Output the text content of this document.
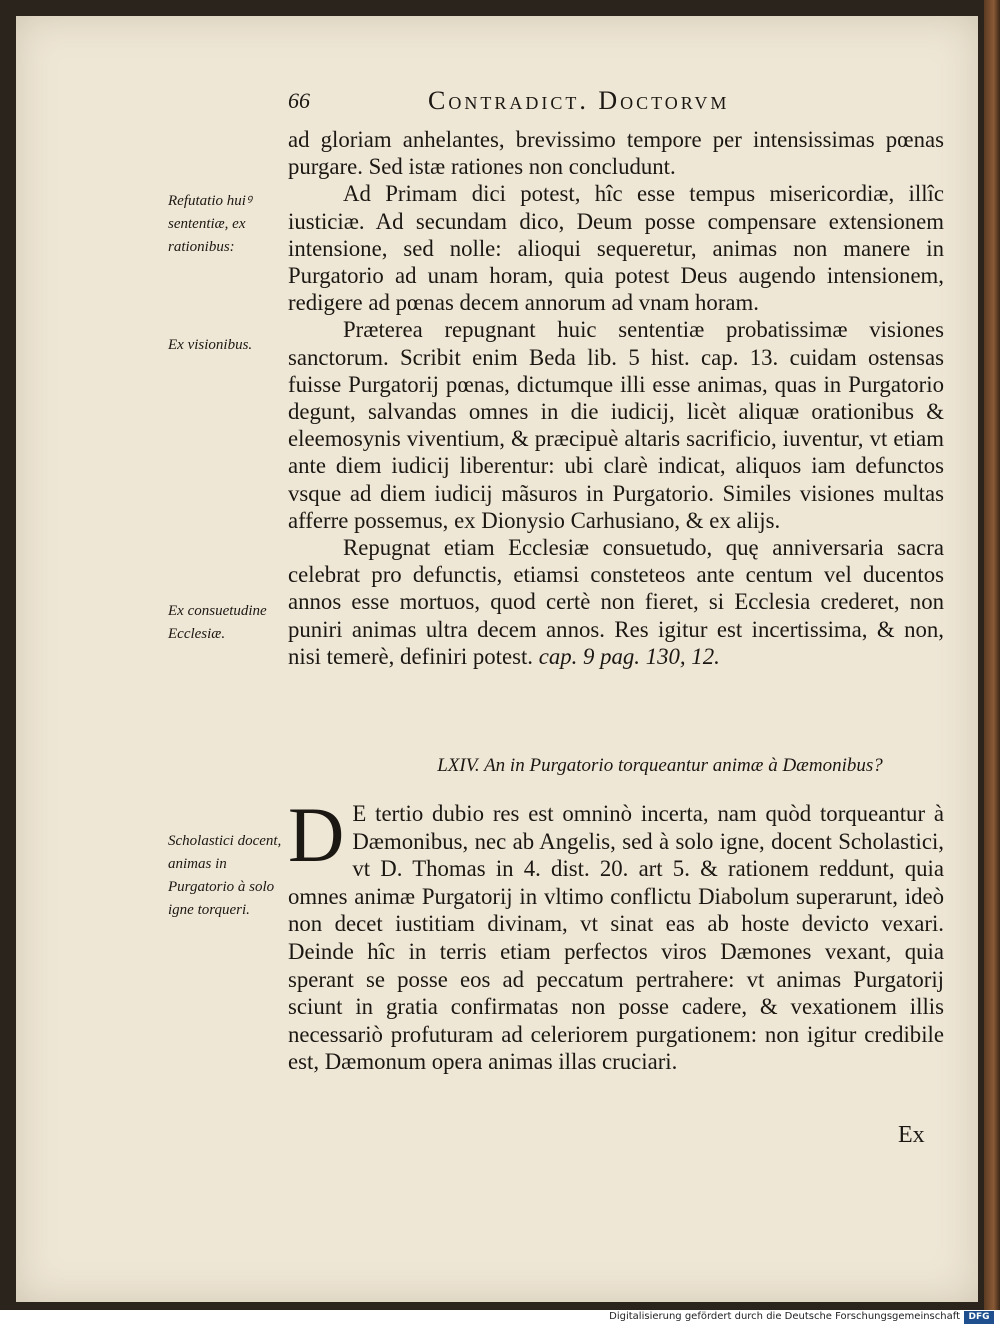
66	Contradict. Doctorvm

ad gloriam anhelantes, brevissimo tempore per intensissimas pœnas purgare. Sed istæ rationes non concludunt.

Ad Primam dici potest, hîc esse tempus misericordiæ, illîc iusticiæ. Ad secundam dico, Deum posse compensare extensionem intensione, sed nolle: alioqui sequeretur, animas non manere in Purgatorio ad unam horam, quia potest Deus augendo intensionem, redigere ad pœnas decem annorum ad vnam horam.

Præterea repugnant huic sententiæ probatissimæ visiones sanctorum. Scribit enim Beda lib. 5 hist. cap. 13. cuidam ostensas fuisse Purgatorij pœnas, dictumque illi esse animas, quas in Purgatorio degunt, salvandas omnes in die iudicij, licèt aliquæ orationibus & eleemosynis viventium, & præcipuè altaris sacrificio, iuventur, vt etiam ante diem iudicij liberentur: ubi clarè indicat, aliquos iam defunctos vsque ad diem iudicij mãsuros in Purgatorio. Similes visiones multas afferre possemus, ex Dionysio Carhusiano, & ex alijs.

Repugnat etiam Ecclesiæ consuetudo, quę anniversaria sacra celebrat pro defunctis, etiamsi consteteos ante centum vel ducentos annos esse mortuos, quod certè non fieret, si Ecclesia crederet, non puniri animas ultra decem annos. Res igitur est incertissima, & non, nisi temerè, definiri potest. cap. 9 pag. 130, 12.

Refutatio huiꝰ sententiæ, ex rationibus:
Ex visionibus.
Ex consuetudine Ecclesiæ.
Scholastici docent, animas in Purgatorio à solo igne torqueri.
LXIV. An in Purgatorio torqueantur animæ à Dæmonibus?
D E tertio dubio res est omninò incerta, nam quòd torqueantur à Dæmonibus, nec ab Angelis, sed à solo igne, docent Scholastici, vt D. Thomas in 4. dist. 20. art 5. & rationem reddunt, quia omnes animæ Purgatorij in vltimo conflictu Diabolum superarunt, ideò non decet iustitiam divinam, vt sinat eas ab hoste devicto vexari. Deinde hîc in terris etiam perfectos viros Dæmones vexant, quia sperant se posse eos ad peccatum pertrahere: vt animas Purgatorij sciunt in gratia confirmatas non posse cadere, & vexationem illis necessariò profuturam ad celeriorem purgationem: non igitur credibile est, Dæmonum opera animas illas cruciari.
Ex
Digitalisierung gefördert durch die Deutsche Forschungsgemeinschaft DFG
